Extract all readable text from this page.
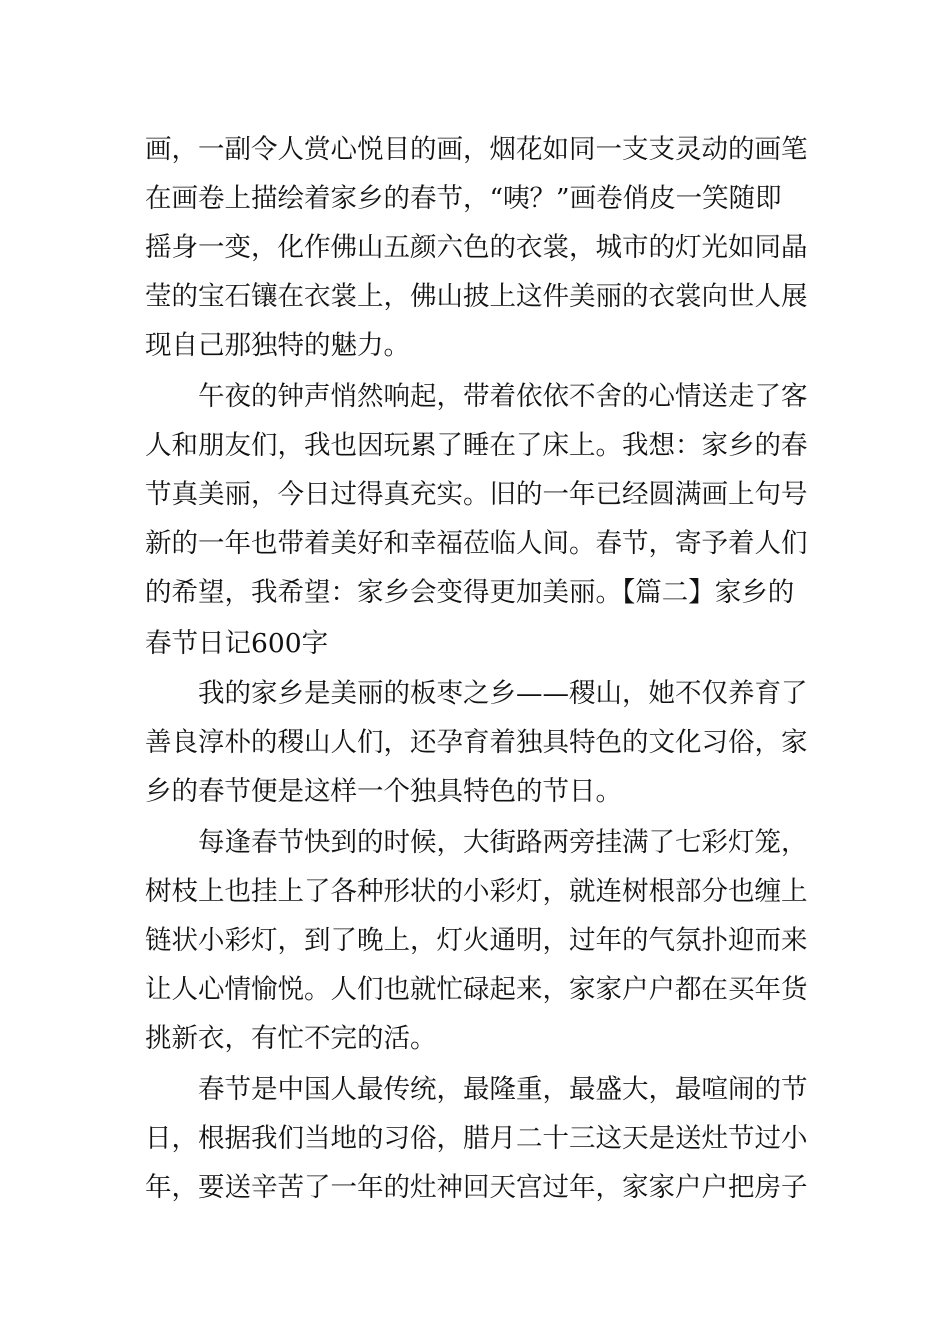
画，一副令人赏心悦目的画，烟花如同一支支灵动的画笔
在画卷上描绘着家乡的春节，“咦？”画卷俏皮一笑随即
摇身一变，化作佛山五颜六色的衣裳，城市的灯光如同晶
莹的宝石镶在衣裳上，佛山披上这件美丽的衣裳向世人展
现自己那独特的魅力。
午夜的钟声悄然响起，带着依依不舍的心情送走了客
人和朋友们，我也因玩累了睡在了床上。我想：家乡的春
节真美丽，今日过得真充实。旧的一年已经圆满画上句号
新的一年也带着美好和幸福莅临人间。春节，寄予着人们
的希望，我希望：家乡会变得更加美丽。【篇二】家乡的
春节日记600字
我的家乡是美丽的板枣之乡——稷山，她不仅养育了
善良淳朴的稷山人们，还孕育着独具特色的文化习俗，家
乡的春节便是这样一个独具特色的节日。
每逢春节快到的时候，大街路两旁挂满了七彩灯笼，
树枝上也挂上了各种形状的小彩灯，就连树根部分也缠上
链状小彩灯，到了晚上，灯火通明，过年的气氛扑迎而来
让人心情愉悦。人们也就忙碌起来，家家户户都在买年货
挑新衣，有忙不完的活。
春节是中国人最传统，最隆重，最盛大，最喧闹的节
日，根据我们当地的习俗，腊月二十三这天是送灶节过小
年，要送辛苦了一年的灶神回天宫过年，家家户户把房子
